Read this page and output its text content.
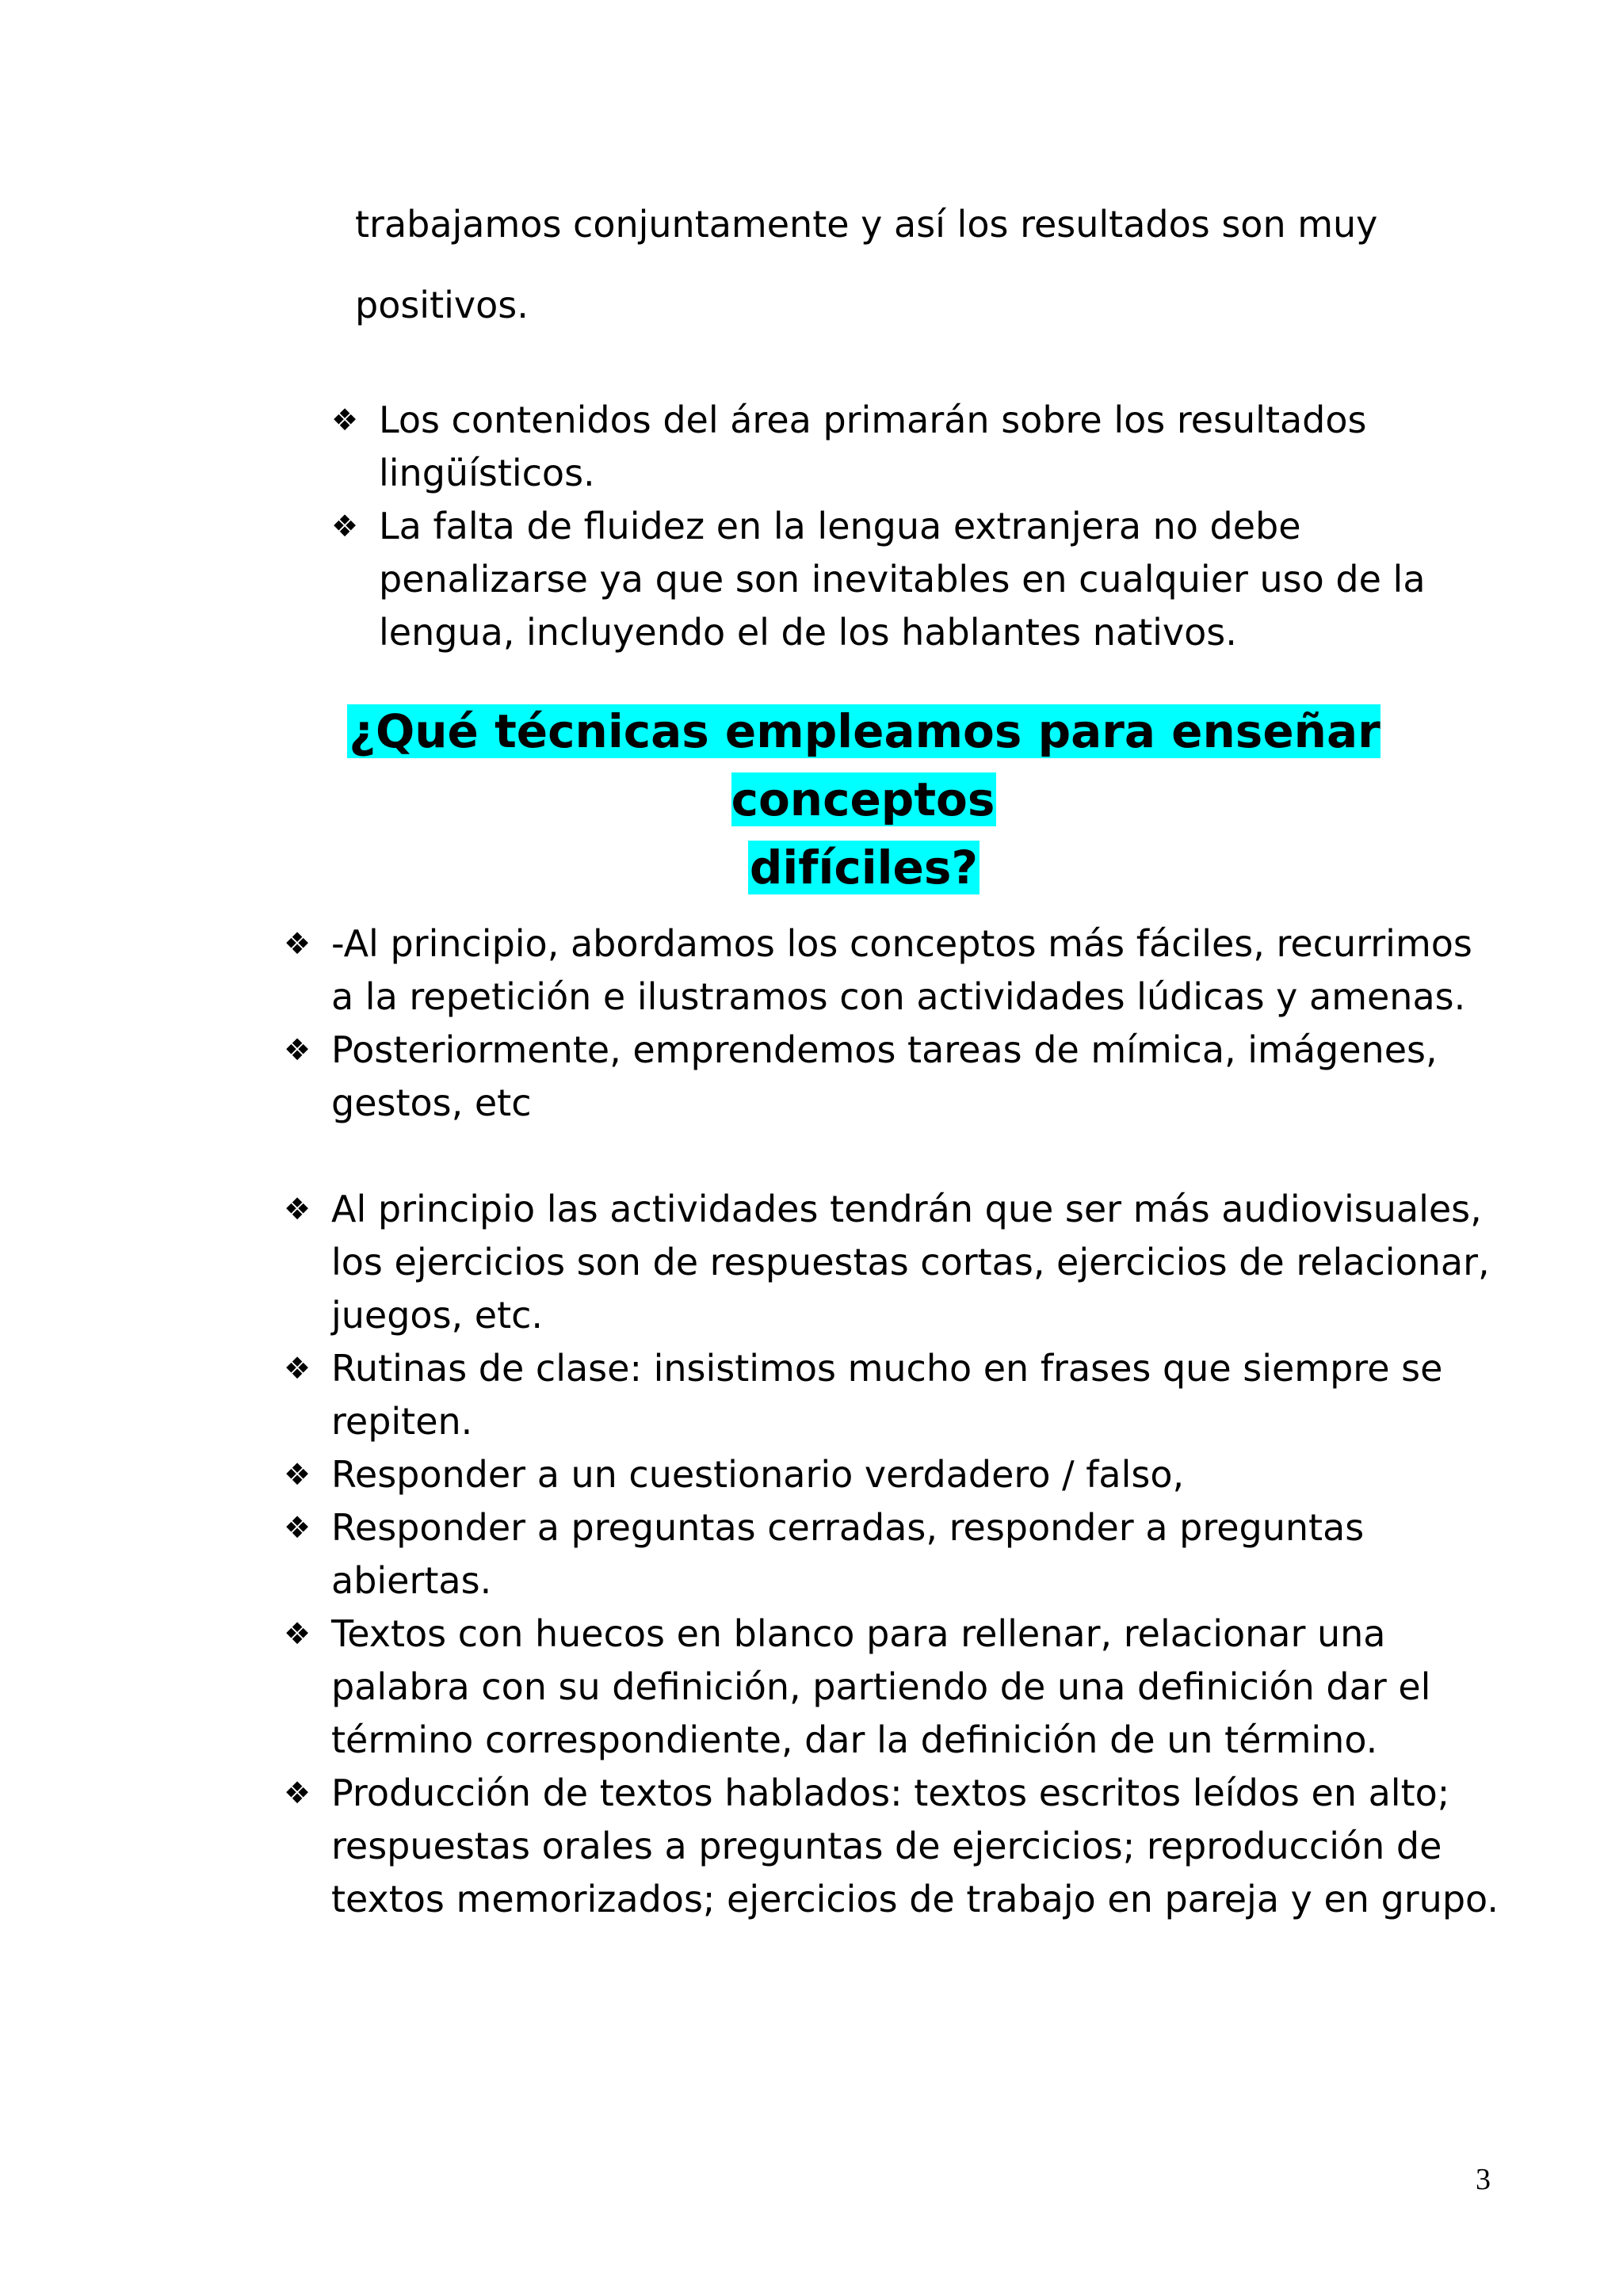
trabajamos conjuntamente y así los resultados son muy

positivos.

❖ Los contenidos del área primarán sobre los resultados lingüísticos.
❖ La falta de fluidez en la lengua extranjera no debe penalizarse ya que son inevitables en cualquier uso de la lengua, incluyendo el de los hablantes nativos.
¿Qué técnicas empleamos para enseñar conceptos
difíciles?
❖ -Al principio, abordamos los conceptos más fáciles, recurrimos a la repetición e ilustramos con actividades lúdicas y amenas.
❖ Posteriormente, emprendemos tareas de mímica, imágenes, gestos, etc
❖ Al principio las actividades tendrán que ser más audiovisuales, los ejercicios son de respuestas cortas, ejercicios de relacionar, juegos, etc.
❖ Rutinas de clase: insistimos mucho en frases que siempre se repiten.
❖ Responder a un cuestionario verdadero / falso,
❖ Responder a preguntas cerradas, responder a preguntas abiertas.
❖ Textos con huecos en blanco para rellenar, relacionar una palabra con su definición, partiendo de una definición dar el término correspondiente, dar la definición de un término.
❖ Producción de textos hablados: textos escritos leídos en alto; respuestas orales a preguntas de ejercicios; reproducción de textos memorizados; ejercicios de trabajo en pareja y en grupo.
3
